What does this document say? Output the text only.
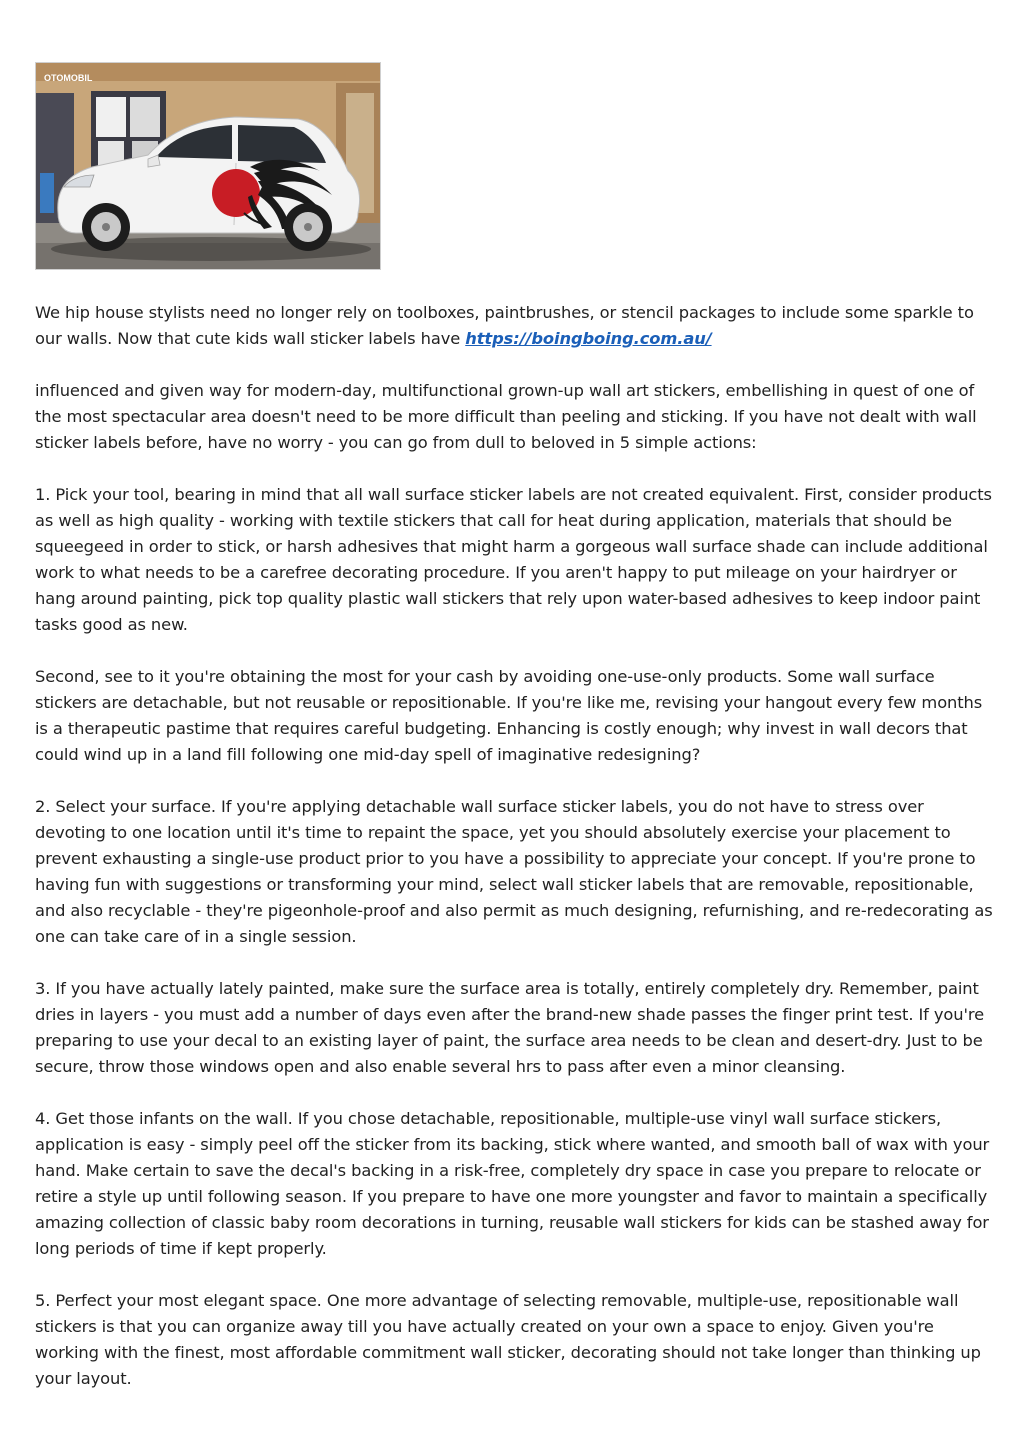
OTOMOBIL

We hip house stylists need no longer rely on toolboxes, paintbrushes, or stencil packages to include some sparkle to our walls. Now that cute kids wall sticker labels have https://boingboing.com.au/

influenced and given way for modern-day, multifunctional grown-up wall art stickers, embellishing in quest of one of the most spectacular area doesn't need to be more difficult than peeling and sticking. If you have not dealt with wall sticker labels before, have no worry - you can go from dull to beloved in 5 simple actions:

1. Pick your tool, bearing in mind that all wall surface sticker labels are not created equivalent. First, consider products as well as high quality - working with textile stickers that call for heat during application, materials that should be squeegeed in order to stick, or harsh adhesives that might harm a gorgeous wall surface shade can include additional work to what needs to be a carefree decorating procedure. If you aren't happy to put mileage on your hairdryer or hang around painting, pick top quality plastic wall stickers that rely upon water-based adhesives to keep indoor paint tasks good as new.

Second, see to it you're obtaining the most for your cash by avoiding one-use-only products. Some wall surface stickers are detachable, but not reusable or repositionable. If you're like me, revising your hangout every few months is a therapeutic pastime that requires careful budgeting. Enhancing is costly enough; why invest in wall decors that could wind up in a land fill following one mid-day spell of imaginative redesigning?

2. Select your surface. If you're applying detachable wall surface sticker labels, you do not have to stress over devoting to one location until it's time to repaint the space, yet you should absolutely exercise your placement to prevent exhausting a single-use product prior to you have a possibility to appreciate your concept. If you're prone to having fun with suggestions or transforming your mind, select wall sticker labels that are removable, repositionable, and also recyclable - they're pigeonhole-proof and also permit as much designing, refurnishing, and re-redecorating as one can take care of in a single session.

3. If you have actually lately painted, make sure the surface area is totally, entirely completely dry. Remember, paint dries in layers - you must add a number of days even after the brand-new shade passes the finger print test. If you're preparing to use your decal to an existing layer of paint, the surface area needs to be clean and desert-dry. Just to be secure, throw those windows open and also enable several hrs to pass after even a minor cleansing.

4. Get those infants on the wall. If you chose detachable, repositionable, multiple-use vinyl wall surface stickers, application is easy - simply peel off the sticker from its backing, stick where wanted, and smooth ball of wax with your hand. Make certain to save the decal's backing in a risk-free, completely dry space in case you prepare to relocate or retire a style up until following season. If you prepare to have one more youngster and favor to maintain a specifically amazing collection of classic baby room decorations in turning, reusable wall stickers for kids can be stashed away for long periods of time if kept properly.

5. Perfect your most elegant space. One more advantage of selecting removable, multiple-use, repositionable wall stickers is that you can organize away till you have actually created on your own a space to enjoy. Given you're working with the finest, most affordable commitment wall sticker, decorating should not take longer than thinking up your layout.
